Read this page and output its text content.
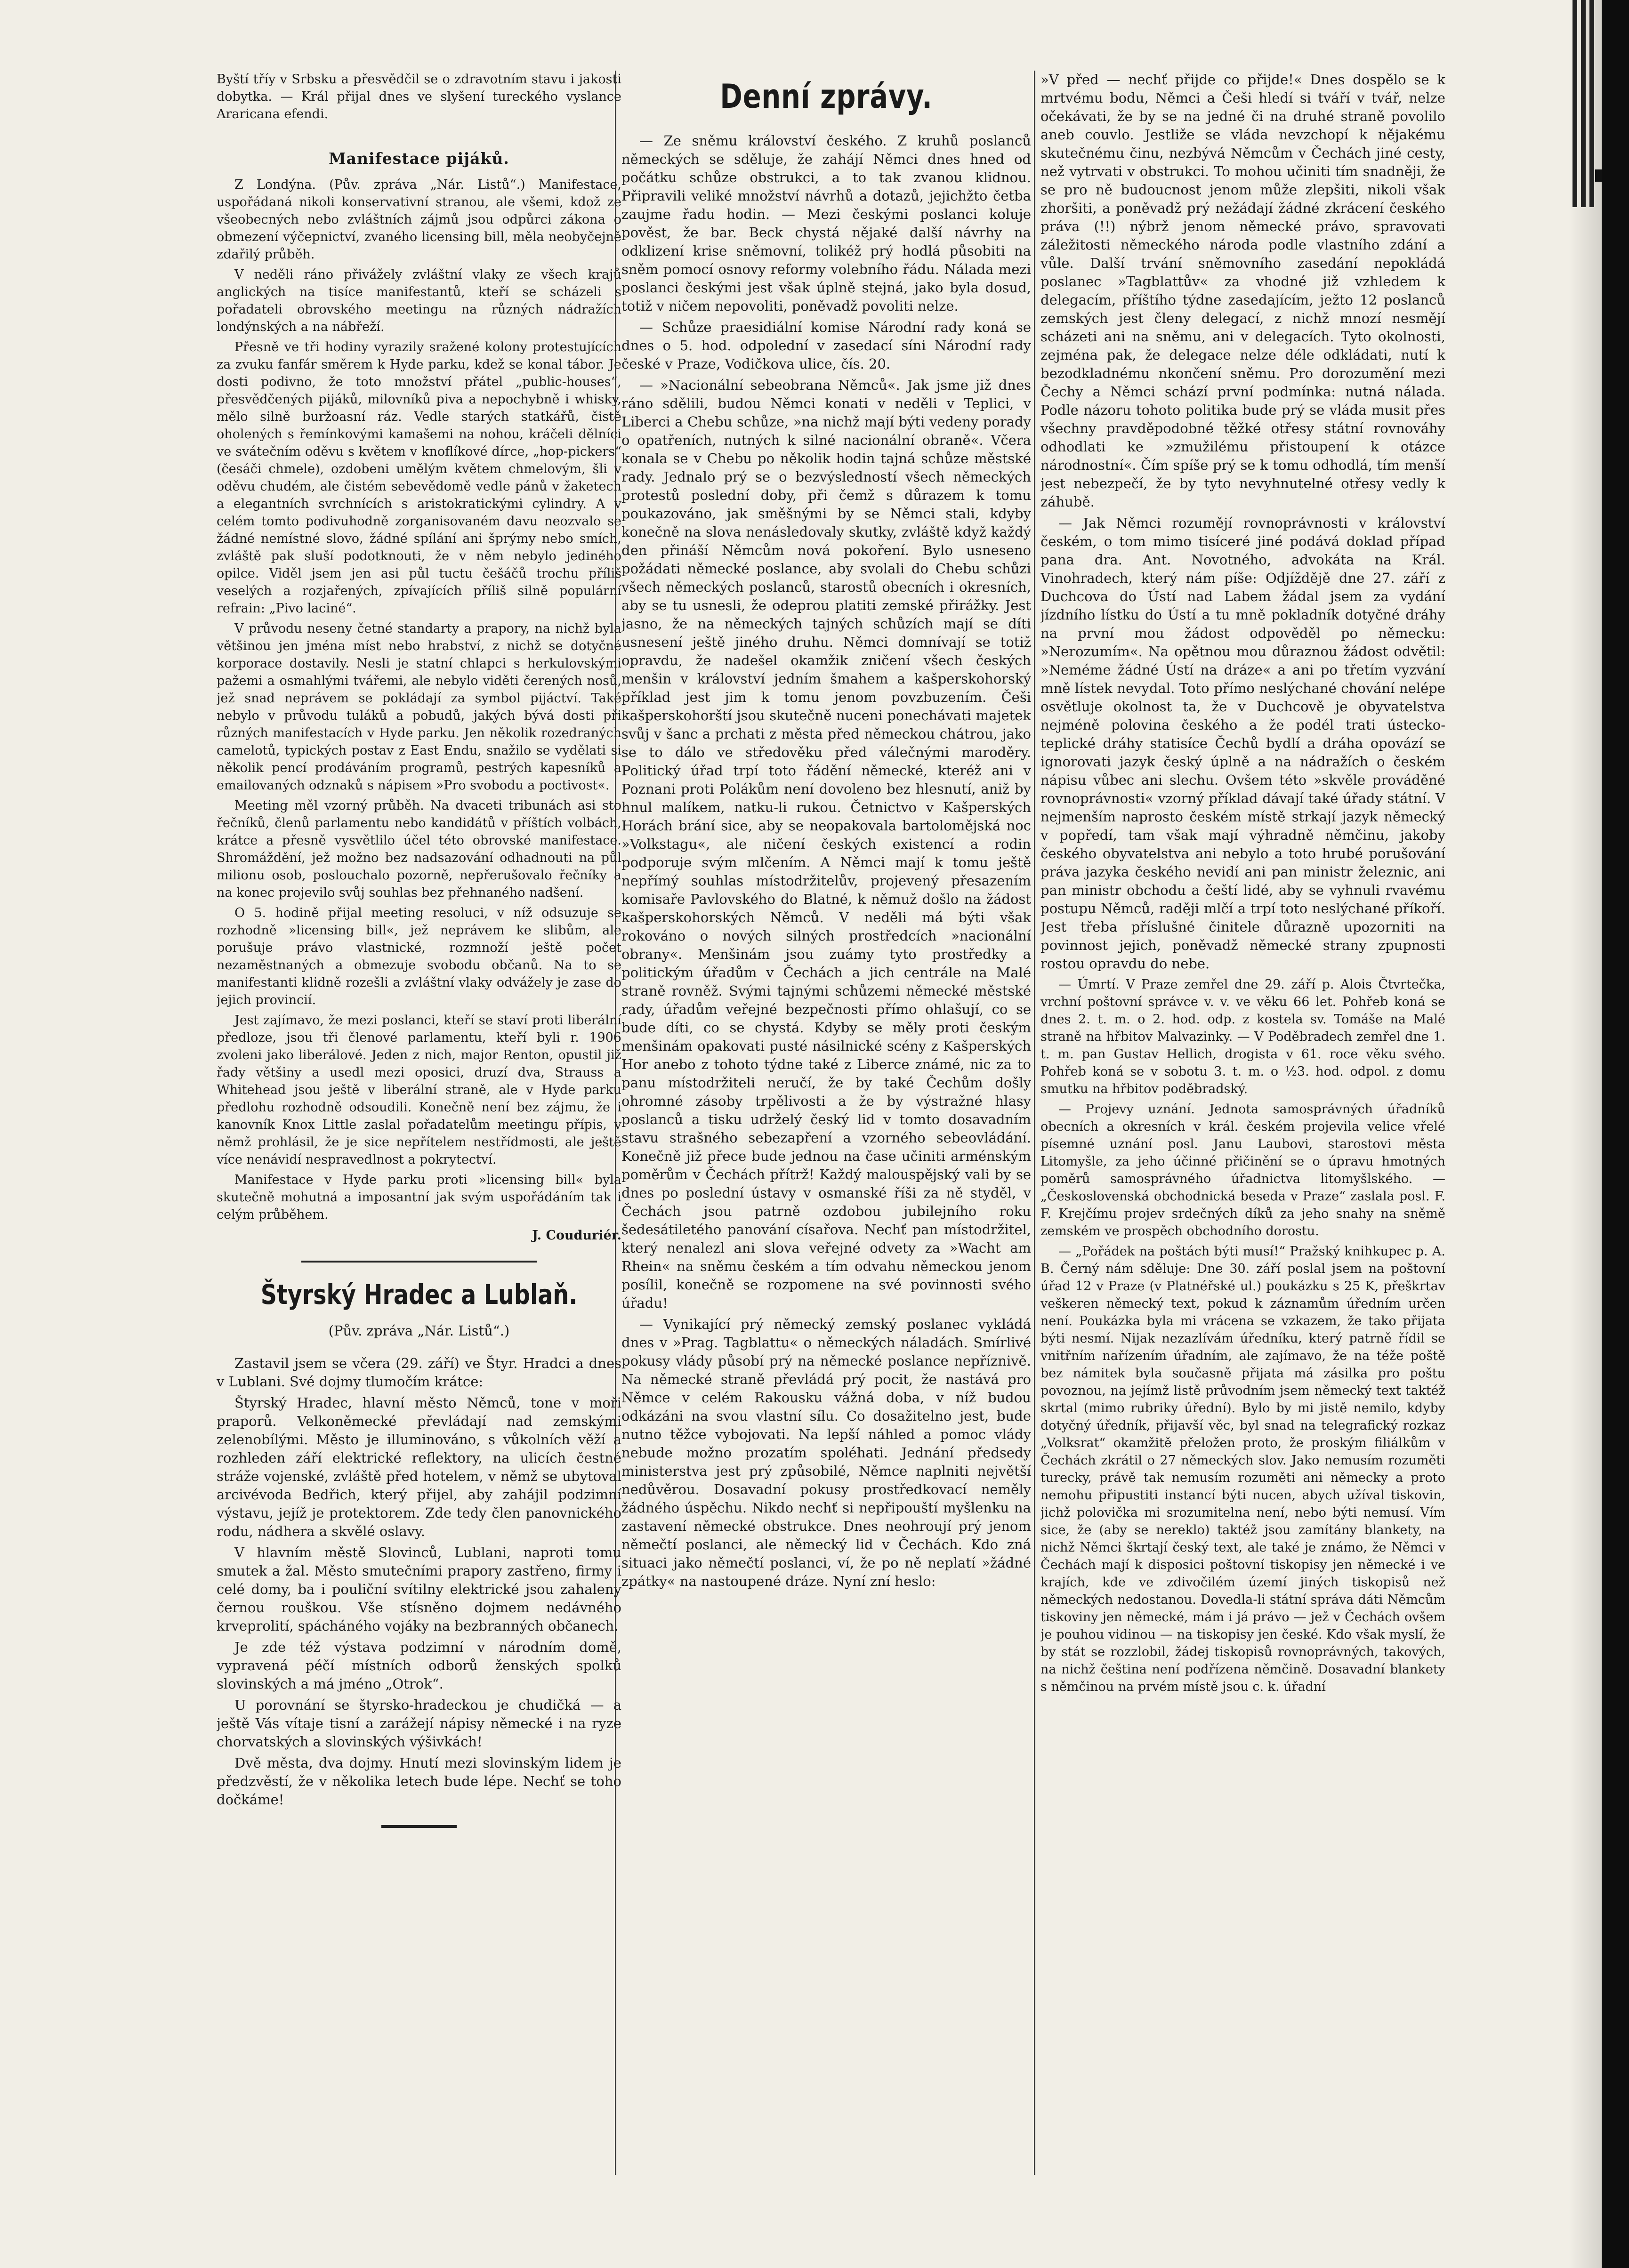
Byští tříy v Srbsku a přesvědčil se o zdravotním stavu i jakosti dobytka. — Král přijal dnes ve slyšení tureckého vyslance Araricana efendi.

Manifestace pijáků.

Z Londýna. (Pův. zpráva „Nár. Listů“.) Manifestace, uspořádaná nikoli konservativní stranou, ale všemi, kdož ze všeobecných nebo zvláštních zájmů jsou odpůrci zákona o obmezení výčepnictví, zvaného licensing bill, měla neobyčejně zdařilý průběh.

V neděli ráno přivážely zvláštní vlaky ze všech krajů anglických na tisíce manifestantů, kteří se scházeli s pořadateli obrovského meetingu na různých nádražích londýnských a na nábřeží.

Přesně ve tři hodiny vyrazily sražené kolony protestujících za zvuku fanfár směrem k Hyde parku, kdež se konal tábor. Je dosti podivno, že toto množství přátel „public-houses“, přesvědčených pijáků, milovníků piva a nepochybně i whisky, mělo silně buržoasní ráz. Vedle starých statkářů, čistě oholených s řemínkovými kamašemi na nohou, kráčeli dělníci ve svátečním oděvu s květem v knoflíkové dírce, „hop-pickers“ (česáči chmele), ozdobeni umělým květem chmelovým, šli v oděvu chudém, ale čistém sebevědomě vedle pánů v žaketech a elegantních svrchnících s aristokratickými cylindry. A v celém tomto podivuhodně zorganisovaném davu neozvalo se žádné nemístné slovo, žádné spílání ani šprýmy nebo smích, zvláště pak sluší podotknouti, že v něm nebylo jediného opilce. Viděl jsem jen asi půl tuctu češáčů trochu příliš veselých a rozjařených, zpívajících příliš silně populární refrain: „Pivo laciné“.

V průvodu neseny četné standarty a prapory, na nichž byla většinou jen jména míst nebo hrabství, z nichž se dotyčné korporace dostavily. Nesli je statní chlapci s herkulovskými pažemi a osmahlými tvářemi, ale nebylo viděti čerených nosů, jež snad neprávem se pokládají za symbol pijáctví. Také nebylo v průvodu tuláků a pobudů, jakých bývá dosti při různých manifestacích v Hyde parku. Jen několik rozedraných camelotů, typických postav z East Endu, snažilo se vydělati si několik pencí prodáváním programů, pestrých kapesníků a emailovaných odznaků s nápisem »Pro svobodu a poctivost«.

Meeting měl vzorný průběh. Na dvaceti tribunách asi sto řečníků, členů parlamentu nebo kandidátů v příštích volbách, krátce a přesně vysvětlilo účel této obrovské manifestace. Shromáždění, jež možno bez nadsazování odhadnouti na půl milionu osob, poslouchalo pozorně, nepřerušovalo řečníky a na konec projevilo svůj souhlas bez přehnaného nadšení.

O 5. hodině přijal meeting resoluci, v níž odsuzuje se rozhodně »licensing bill«, jež neprávem ke slibům, ale porušuje právo vlastnické, rozmnoží ještě počet nezaměstnaných a obmezuje svobodu občanů. Na to se manifestanti klidně rozešli a zvláštní vlaky odvážely je zase do jejich provincií.

Jest zajímavo, že mezi poslanci, kteří se staví proti liberální předloze, jsou tři členové parlamentu, kteří byli r. 1906 zvoleni jako liberálové. Jeden z nich, major Renton, opustil již řady většiny a usedl mezi oposici, druzí dva, Strauss a Whitehead jsou ještě v liberální straně, ale v Hyde parku předlohu rozhodně odsoudili. Konečně není bez zájmu, že i kanovník Knox Little zaslal pořadatelům meetingu přípis, v němž prohlásil, že je sice nepřítelem nestřídmosti, ale ještě více nenávidí nespravedlnost a pokrytectví.

Manifestace v Hyde parku proti »licensing bill« byla skutečně mohutná a imposantní jak svým uspořádáním tak i celým průběhem.

J. Couduriér.

Štyrský Hradec a Lublaň.

(Pův. zpráva „Nár. Listů“.)

Zastavil jsem se včera (29. září) ve Štyr. Hradci a dnes v Lublani. Své dojmy tlumočím krátce:

Štyrský Hradec, hlavní město Němců, tone v moři praporů. Velkoněmecké převládají nad zemskými zelenobílými. Město je illuminováno, s vůkolních věží a rozhleden září elektrické reflektory, na ulicích čestné stráže vojenské, zvláště před hotelem, v němž se ubytoval arcivévoda Bedřich, který přijel, aby zahájil podzimní výstavu, jejíž je protektorem. Zde tedy člen panovnického rodu, nádhera a skvělé oslavy.

V hlavním městě Slovinců, Lublani, naproti tomu smutek a žal. Město smutečními prapory zastřeno, firmy i celé domy, ba i pouliční svítilny elektrické jsou zahaleny černou rouškou. Vše stísněno dojmem nedávného krveprolití, spácháného vojáky na bezbranných občanech.

Je zde též výstava podzimní v národním domě, vypravená péčí místních odborů ženských spolků slovinských a má jméno „Otrok“.

U porovnání se štyrsko-hradeckou je chudičká — a ještě Vás vítaje tisní a zarážejí nápisy německé i na ryze chorvatských a slovinských výšivkách!

Dvě města, dva dojmy. Hnutí mezi slovinským lidem je předzvěstí, že v několika letech bude lépe. Nechť se toho dočkáme!

Denní zprávy.

— Ze sněmu království českého. Z kruhů poslanců německých se sděluje, že zahájí Němci dnes hned od počátku schůze obstrukci, a to tak zvanou klidnou. Připravili veliké množství návrhů a dotazů, jejichžto četba zaujme řadu hodin. — Mezi českými poslanci koluje pověst, že bar. Beck chystá nějaké další návrhy na odklizení krise sněmovní, tolikéž prý hodlá působiti na sněm pomocí osnovy reformy volebního řádu. Nálada mezi poslanci českými jest však úplně stejná, jako byla dosud, totiž v ničem nepovoliti, poněvadž povoliti nelze.

— Schůze praesidiální komise Národní rady koná se dnes o 5. hod. odpolední v zasedací síni Národní rady české v Praze, Vodičkova ulice, čís. 20.

— »Nacionální sebeobrana Němců«. Jak jsme již dnes ráno sdělili, budou Němci konati v neděli v Teplici, v Liberci a Chebu schůze, »na nichž mají býti vedeny porady o opatřeních, nutných k silné nacionální obraně«. Včera konala se v Chebu po několik hodin tajná schůze městské rady. Jednalo prý se o bezvýsledností všech německých protestů poslední doby, při čemž s důrazem k tomu poukazováno, jak směšnými by se Němci stali, kdyby konečně na slova nenásledovaly skutky, zvláště když každý den přináší Němcům nová pokoření. Bylo usneseno požádati německé poslance, aby svolali do Chebu schůzi všech německých poslanců, starostů obecních i okresních, aby se tu usnesli, že odeprou platiti zemské přirážky. Jest jasno, že na německých tajných schůzích mají se díti usnesení ještě jiného druhu. Němci domnívají se totiž opravdu, že nadešel okamžik zničení všech českých menšin v království jedním šmahem a kašperskohorský příklad jest jim k tomu jenom povzbuzením. Češi kašperskohorští jsou skutečně nuceni ponechávati majetek svůj v šanc a prchati z města před německou chátrou, jako se to dálo ve středověku před válečnými maroděry. Politický úřad trpí toto řádění německé, kteréž ani v Poznani proti Polákům není dovoleno bez hlesnutí, aniž by hnul malíkem, natku-li rukou. Četnictvo v Kašperských Horách brání sice, aby se neopakovala bartolomějská noc »Volkstagu«, ale ničení českých existencí a rodin podporuje svým mlčením. A Němci mají k tomu ještě nepřímý souhlas místodržitelův, projevený přesazením komisaře Pavlovského do Blatné, k němuž došlo na žádost kašperskohorských Němců. V neděli má býti však rokováno o nových silných prostředcích »nacionální obrany«. Menšinám jsou zuámy tyto prostředky a politickým úřadům v Čechách a jich centrále na Malé straně rovněž. Svými tajnými schůzemi německé městské rady, úřadům veřejné bezpečnosti přímo ohlašují, co se bude díti, co se chystá. Kdyby se měly proti českým menšinám opakovati pusté násilnické scény z Kašperských Hor anebo z tohoto týdne také z Liberce známé, nic za to panu místodržiteli neručí, že by také Čechům došly ohromné zásoby trpělivosti a že by výstražné hlasy poslanců a tisku udrželý český lid v tomto dosavadním stavu strašného sebezapření a vzorného sebeovládání. Konečně již přece bude jednou na čase učiniti arménským poměrům v Čechách přítrž! Každý malouspějský vali by se dnes po poslední ústavy v osmanské říši za ně styděl, v Čechách jsou patrně ozdobou jubilejního roku šedesátiletého panování císařova. Nechť pan místodržitel, který nenalezl ani slova veřejné odvety za »Wacht am Rhein« na sněmu českém a tím odvahu německou jenom posílil, konečně se rozpomene na své povinnosti svého úřadu!

— Vynikající prý německý zemský poslanec vykládá dnes v »Prag. Tagblattu« o německých náladách. Smírlivé pokusy vlády působí prý na německé poslance nepříznivě. Na německé straně převládá prý pocit, že nastává pro Němce v celém Rakousku vážná doba, v níž budou odkázáni na svou vlastní sílu. Co dosažitelno jest, bude nutno těžce vybojovati. Na lepší náhled a pomoc vlády nebude možno prozatím spoléhati. Jednání předsedy ministerstva jest prý způsobilé, Němce naplniti největší nedůvěrou. Dosavadní pokusy prostředkovací neměly žádného úspěchu. Nikdo nechť si nepřipouští myšlenku na zastavení německé obstrukce. Dnes neohroují prý jenom němečtí poslanci, ale německý lid v Čechách. Kdo zná situaci jako němečtí poslanci, ví, že po ně neplatí »žádné zpátky« na nastoupené dráze. Nyní zní heslo:

»V před — nechť přijde co přijde!« Dnes dospělo se k mrtvému bodu, Němci a Češi hledí si tváří v tvář, nelze očekávati, že by se na jedné či na druhé straně povolilo aneb couvlo. Jestliže se vláda nevzchopí k nějakému skutečnému činu, nezbývá Němcům v Čechách jiné cesty, než vytrvati v obstrukci. To mohou učiniti tím snadněji, že se pro ně budoucnost jenom může zlepšiti, nikoli však zhoršiti, a poněvadž prý nežádají žádné zkrácení českého práva (!!) nýbrž jenom německé právo, spravovati záležitosti německého národa podle vlastního zdání a vůle. Další trvání sněmovního zasedání nepokládá poslanec »Tagblattův« za vhodné již vzhledem k delegacím, příštího týdne zasedajícím, ježto 12 poslanců zemských jest členy delegací, z nichž mnozí nesmějí scházeti ani na sněmu, ani v delegacích. Tyto okolnosti, zejména pak, že delegace nelze déle odkládati, nutí k bezodkladnému nkončení sněmu. Pro dorozumění mezi Čechy a Němci schází první podmínka: nutná nálada. Podle názoru tohoto politika bude prý se vláda musit přes všechny pravděpodobné těžké otřesy státní rovnováhy odhodlati ke »zmužilému přistoupení k otázce národnostní«. Čím spíše prý se k tomu odhodlá, tím menší jest nebezpečí, že by tyto nevyhnutelné otřesy vedly k záhubě.

— Jak Němci rozumějí rovnoprávnosti v království českém, o tom mimo tisíceré jiné podává doklad případ pana dra. Ant. Novotného, advokáta na Král. Vinohradech, který nám píše: Odjíždějě dne 27. září z Duchcova do Ústí nad Labem žádal jsem za vydání jízdního lístku do Ústí a tu mně pokladník dotyčné dráhy na první mou žádost odpověděl po německu: »Nerozumím«. Na opětnou mou důraznou žádost odvětil: »Neméme žádné Ústí na dráze« a ani po třetím vyzvání mně lístek nevydal. Toto přímo neslýchané chování nelépe osvětluje okolnost ta, že v Duchcově je obyvatelstva nejméně polovina českého a že podél trati ústecko-teplické dráhy statisíce Čechů bydlí a dráha opovází se ignorovati jazyk český úplně a na nádražích o českém nápisu vůbec ani slechu. Ovšem této »skvěle prováděné rovnoprávnosti« vzorný příklad dávají také úřady státní. V nejmenším naprosto českém místě strkají jazyk německý v popředí, tam však mají výhradně němčinu, jakoby českého obyvatelstva ani nebylo a toto hrubé porušování práva jazyka českého nevidí ani pan ministr železnic, ani pan ministr obchodu a čeští lidé, aby se vyhnuli rvavému postupu Němců, raději mlčí a trpí toto neslýchané příkoří. Jest třeba příslušné činitele důrazně upozorniti na povinnost jejich, poněvadž německé strany zpupnosti rostou opravdu do nebe.

— Úmrtí. V Praze zemřel dne 29. září p. Alois Čtvrtečka, vrchní poštovní správce v. v. ve věku 66 let. Pohřeb koná se dnes 2. t. m. o 2. hod. odp. z kostela sv. Tomáše na Malé straně na hřbitov Malvazinky. — V Poděbradech zemřel dne 1. t. m. pan Gustav Hellich, drogista v 61. roce věku svého. Pohřeb koná se v sobotu 3. t. m. o ½3. hod. odpol. z domu smutku na hřbitov poděbradský.

— Projevy uznání. Jednota samosprávných úřadníků obecních a okresních v král. českém projevila velice vřelé písemné uznání posl. Janu Laubovi, starostovi města Litomyšle, za jeho účinné přičinění se o úpravu hmotných poměrů samosprávného úřadnictva litomyšlského. — „Československá obchodnická beseda v Praze“ zaslala posl. F. F. Krejčímu projev srdečných díků za jeho snahy na sněmě zemském ve prospěch obchodního dorostu.

— „Pořádek na poštách býti musí!“ Pražský knihkupec p. A. B. Černý nám sděluje: Dne 30. září poslal jsem na poštovní úřad 12 v Praze (v Platnéřské ul.) poukázku s 25 K, přeškrtav veškeren německý text, pokud k záznamům úředním určen není. Poukázka byla mi vrácena se vzkazem, že tako přijata býti nesmí. Nijak nezazlívám úředníku, který patrně řídil se vnitřním nařízením úřadním, ale zajímavo, že na téže poště bez námitek byla současně přijata má zásilka pro poštu povoznou, na jejímž listě průvodním jsem německý text taktéž skrtal (mimo rubriky úřední). Bylo by mi jistě nemilo, kdyby dotyčný úředník, přijavší věc, byl snad na telegrafický rozkaz „Volksrat“ okamžitě přeložen proto, že proským filiálkům v Čechách zkrátil o 27 německých slov. Jako nemusím rozuměti turecky, právě tak nemusím rozuměti ani německy a proto nemohu připustiti instancí býti nucen, abych užíval tiskovin, jichž polovička mi srozumitelna není, nebo býti nemusí. Vím sice, že (aby se nereklo) taktéž jsou zamítány blankety, na nichž Němci škrtají český text, ale také je známo, že Němci v Čechách mají k disposici poštovní tiskopisy jen německé i ve krajích, kde ve zdivočilém území jiných tiskopisů než německých nedostanou. Dovedla-li státní správa dáti Němcům tiskoviny jen německé, mám i já právo — jež v Čechách ovšem je pouhou vidinou — na tiskopisy jen české. Kdo však myslí, že by stát se rozzlobil, žádej tiskopisů rovnoprávných, takových, na nichž čeština není podřízena němčině. Dosavadní blankety s němčinou na prvém místě jsou c. k. úřadní
